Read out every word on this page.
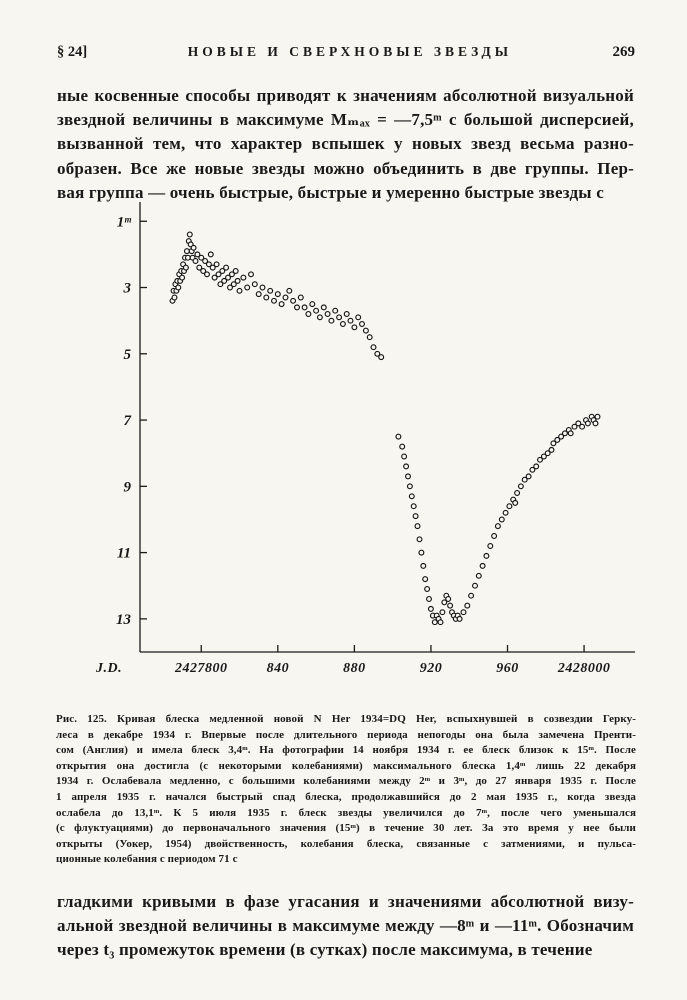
§ 24]	НОВЫЕ И СВЕРХНОВЫЕ ЗВЕЗДЫ	269
ные косвенные способы приводят к значениям абсолютной визуальной
звездной величины в максимуме Mₘₐₓ = —7,5ᵐ с большой дисперсией,
вызванной тем, что характер вспышек у новых звезд весьма разно-
образен. Все же новые звезды можно объединить в две группы. Пер-
вая группа — очень быстрые, быстрые и умеренно быстрые звезды с
1ᵐ
3
5
7
9
11
13
2427800	840	880	920	960	2428000
J.D.
Рис. 125. Кривая блеска медленной новой N Her 1934=DQ Her, вспыхнувшей в созвездии Герку-
леса в декабре 1934 г. Впервые после длительного периода непогоды она была замечена Пренти-
сом (Англия) и имела блеск 3,4ᵐ. На фотографии 14 ноября 1934 г. ее блеск близок к 15ᵐ. После
открытия она достигла (с некоторыми колебаниями) максимального блеска 1,4ᵐ лишь 22 декабря
1934 г. Ослабевала медленно, с большими колебаниями между 2ᵐ и 3ᵐ, до 27 января 1935 г. После
1 апреля 1935 г. начался быстрый спад блеска, продолжавшийся до 2 мая 1935 г., когда звезда
ослабела до 13,1ᵐ. К 5 июля 1935 г. блеск звезды увеличился до 7ᵐ, после чего уменьшался
(с флуктуациями) до первоначального значения (15ᵐ) в течение 30 лет. За это время у нее были
открыты (Уокер, 1954) двойственность, колебания блеска, связанные с затмениями, и пульса-
ционные колебания с периодом 71 с
гладкими кривыми в фазе угасания и значениями абсолютной визу-
альной звездной величины в максимуме между —8ᵐ и —11ᵐ. Обозначим
через t₃ промежуток времени (в сутках) после максимума, в течение
